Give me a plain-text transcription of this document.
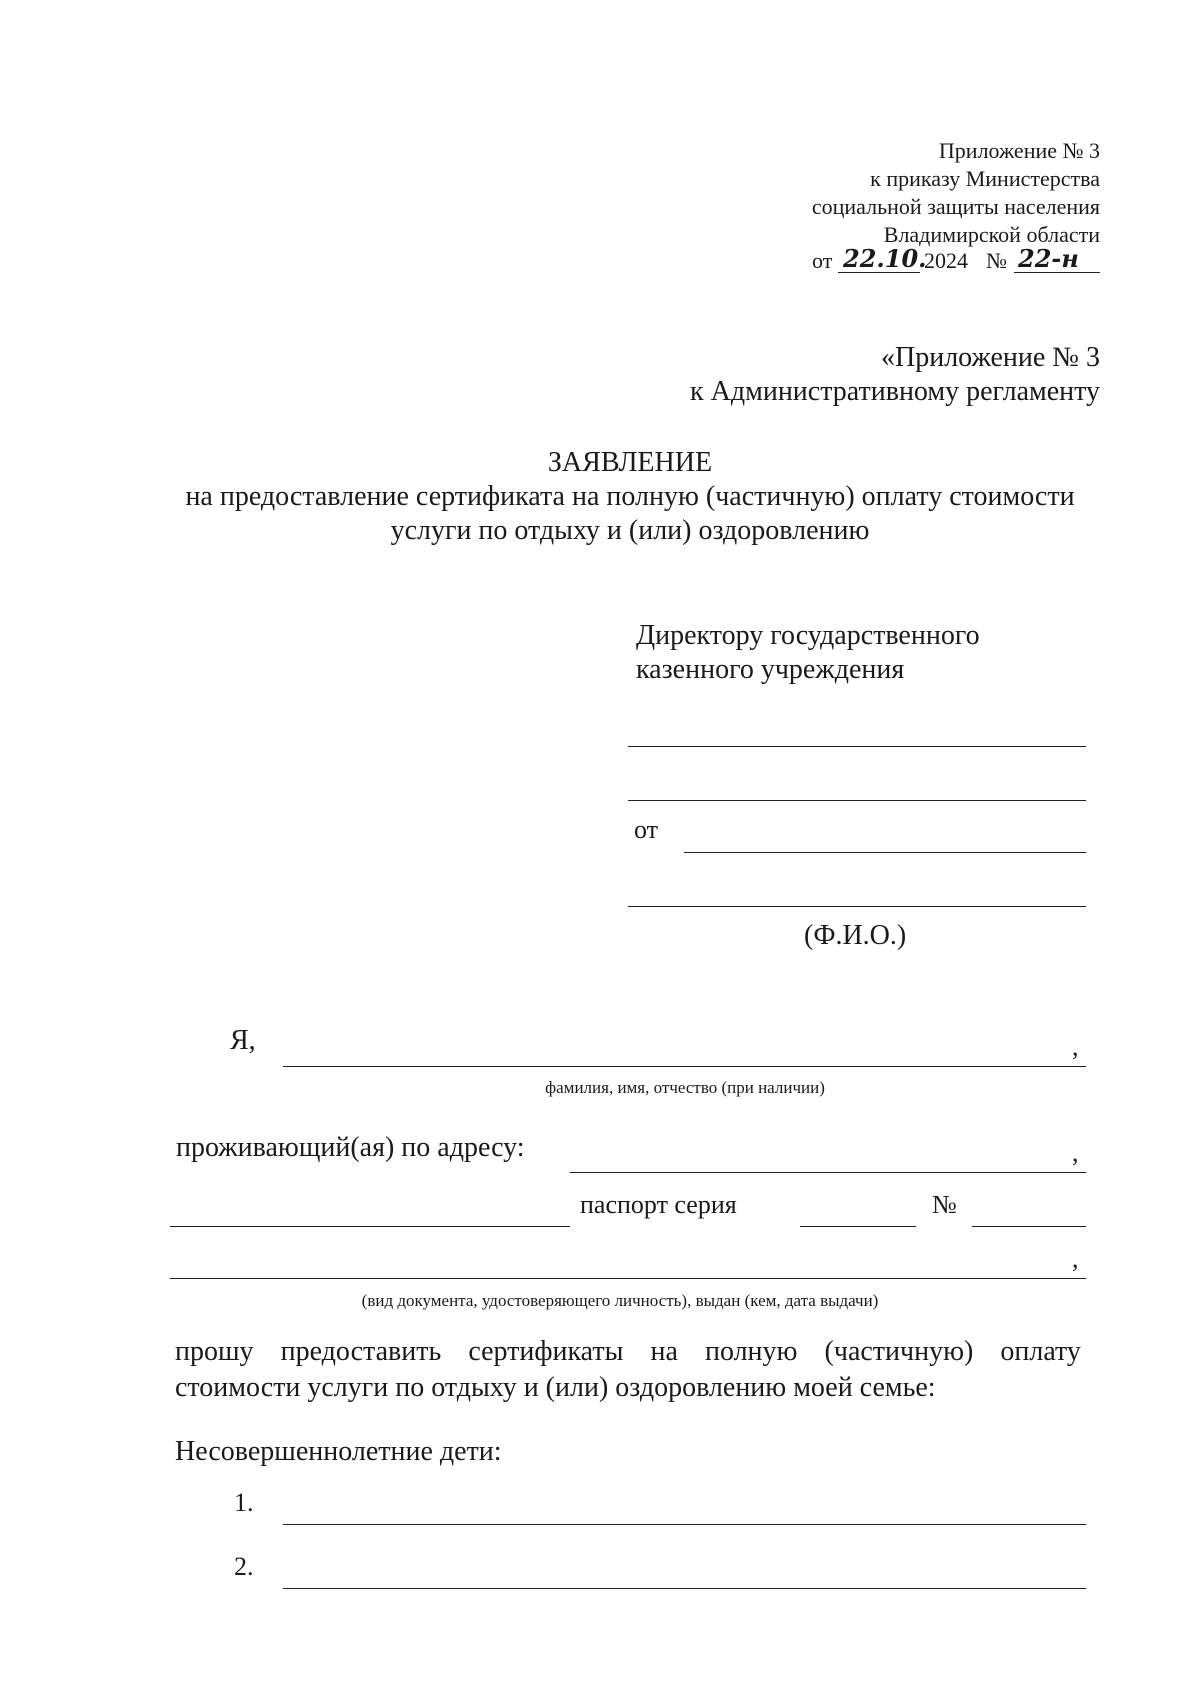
Приложение № 3
к приказу Министерства
социальной защиты населения
Владимирской области
от 22.10.
2024 № 22-н
«Приложение № 3
к Административному регламенту
ЗАЯВЛЕНИЕ
на предоставление сертификата на полную (частичную) оплату стоимости
услуги по отдыху и (или) оздоровлению
Директору государственного
казенного учреждения
от
(Ф.И.О.)
Я,	,
фамилия, имя, отчество (при наличии)
проживающий(ая) по адресу:	,
паспорт серия	№
,
(вид документа, удостоверяющего личность), выдан (кем, дата выдачи)
прошу предоставить сертификаты на полную (частичную) оплату
стоимости услуги по отдыху и (или) оздоровлению моей семье:
Несовершеннолетние дети:
1.
2.
